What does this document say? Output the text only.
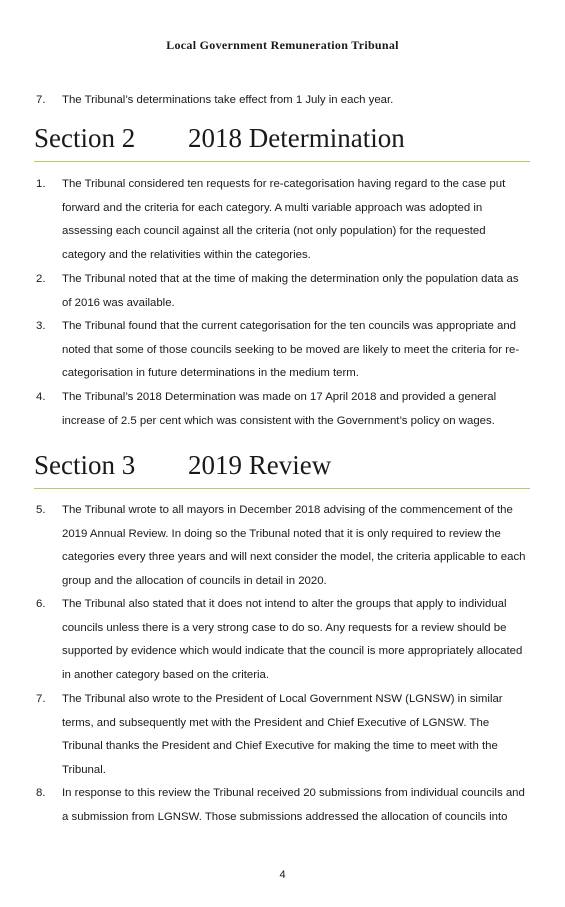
Local Government Remuneration Tribunal
7.	The Tribunal’s determinations take effect from 1 July in each year.
Section 2 2018 Determination
1.	The Tribunal considered ten requests for re-categorisation having regard to the case put forward and the criteria for each category. A multi variable approach was adopted in assessing each council against all the criteria (not only population) for the requested category and the relativities within the categories.
2.	The Tribunal noted that at the time of making the determination only the population data as of 2016 was available.
3.	The Tribunal found that the current categorisation for the ten councils was appropriate and noted that some of those councils seeking to be moved are likely to meet the criteria for re-categorisation in future determinations in the medium term.
4.	The Tribunal’s 2018 Determination was made on 17 April 2018 and provided a general increase of 2.5 per cent which was consistent with the Government’s policy on wages.
Section 3 2019 Review
5.	The Tribunal wrote to all mayors in December 2018 advising of the commencement of the 2019 Annual Review. In doing so the Tribunal noted that it is only required to review the categories every three years and will next consider the model, the criteria applicable to each group and the allocation of councils in detail in 2020.
6.	The Tribunal also stated that it does not intend to alter the groups that apply to individual councils unless there is a very strong case to do so. Any requests for a review should be supported by evidence which would indicate that the council is more appropriately allocated in another category based on the criteria.
7.	The Tribunal also wrote to the President of Local Government NSW (LGNSW) in similar terms, and subsequently met with the President and Chief Executive of LGNSW. The Tribunal thanks the President and Chief Executive for making the time to meet with the Tribunal.
8.	In response to this review the Tribunal received 20 submissions from individual councils and a submission from LGNSW. Those submissions addressed the allocation of councils into
4
